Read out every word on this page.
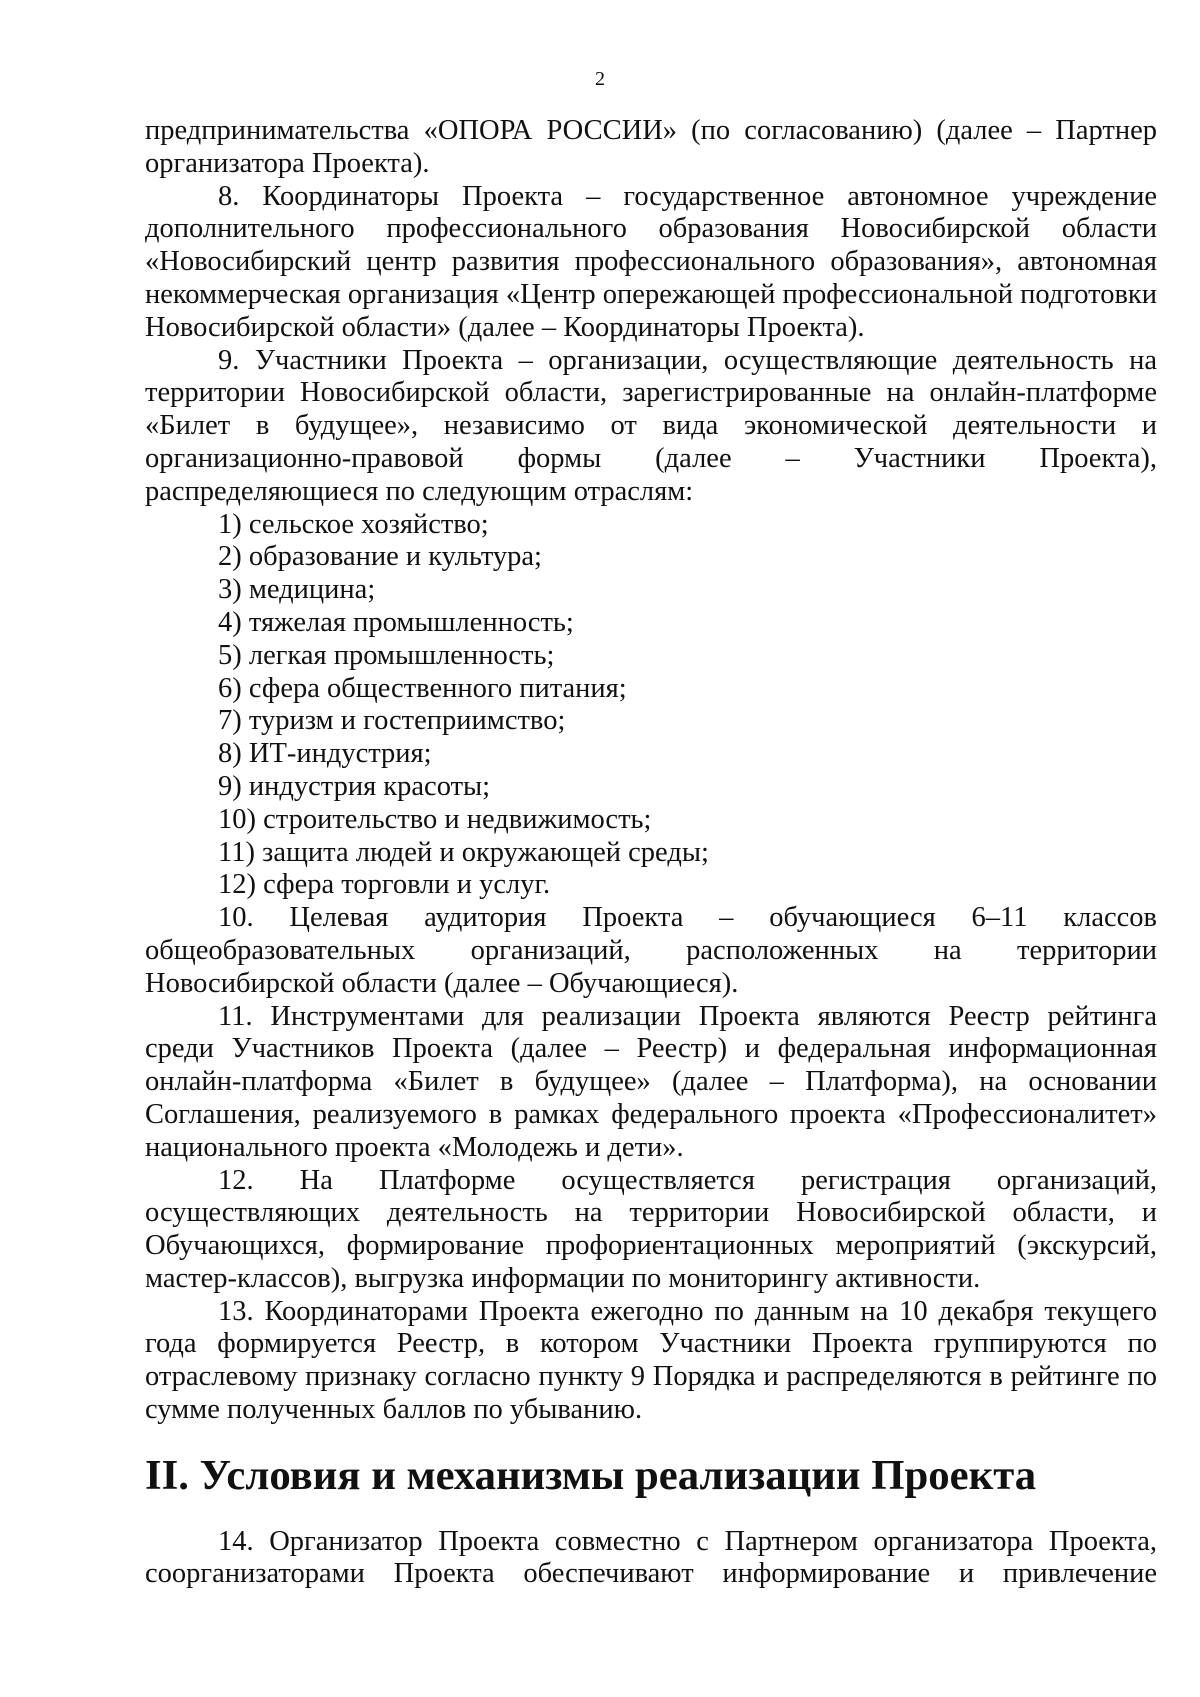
2

предпринимательства «ОПОРА РОССИИ» (по согласованию) (далее – Партнер организатора Проекта).

8. Координаторы Проекта – государственное автономное учреждение дополнительного профессионального образования Новосибирской области «Новосибирский центр развития профессионального образования», автономная некоммерческая организация «Центр опережающей профессиональной подготовки Новосибирской области» (далее – Координаторы Проекта).

9. Участники Проекта – организации, осуществляющие деятельность на территории Новосибирской области, зарегистрированные на онлайн-платформе «Билет в будущее», независимо от вида экономической деятельности и организационно-правовой формы (далее – Участники Проекта), распределяющиеся по следующим отраслям:

1) сельское хозяйство;

2) образование и культура;

3) медицина;

4) тяжелая промышленность;

5) легкая промышленность;

6) сфера общественного питания;

7) туризм и гостеприимство;

8) ИТ-индустрия;

9) индустрия красоты;

10) строительство и недвижимость;

11) защита людей и окружающей среды;

12) сфера торговли и услуг.

10. Целевая аудитория Проекта – обучающиеся 6–11 классов общеобразовательных организаций, расположенных на территории Новосибирской области (далее – Обучающиеся).

11. Инструментами для реализации Проекта являются Реестр рейтинга среди Участников Проекта (далее – Реестр) и федеральная информационная онлайн-платформа «Билет в будущее» (далее – Платформа), на основании Соглашения, реализуемого в рамках федерального проекта «Профессионалитет» национального проекта «Молодежь и дети».

12. На Платформе осуществляется регистрация организаций, осуществляющих деятельность на территории Новосибирской области, и Обучающихся, формирование профориентационных мероприятий (экскурсий, мастер-классов), выгрузка информации по мониторингу активности.

13. Координаторами Проекта ежегодно по данным на 10 декабря текущего года формируется Реестр, в котором Участники Проекта группируются по отраслевому признаку согласно пункту 9 Порядка и распределяются в рейтинге по сумме полученных баллов по убыванию.

II. Условия и механизмы реализации Проекта

14. Организатор Проекта совместно с Партнером организатора Проекта, соорганизаторами Проекта обеспечивают информирование и привлечение
